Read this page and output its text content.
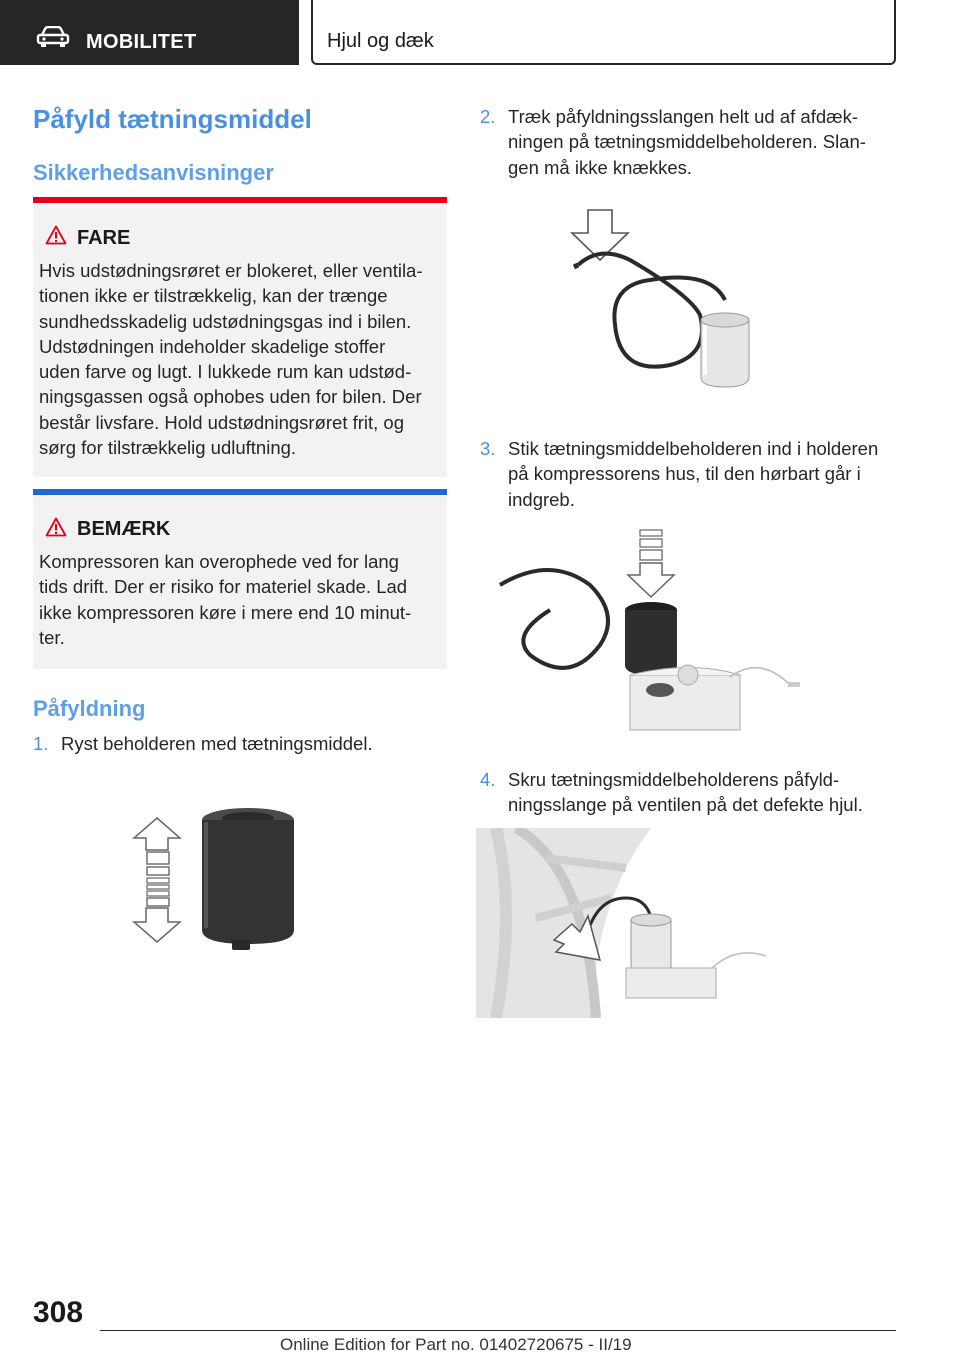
MOBILITET	Hjul og dæk
Påfyld tætningsmiddel
Sikkerhedsanvisninger
FARE
Hvis udstødningsrøret er blokeret, eller ventila-
tionen ikke er tilstrækkelig, kan der trænge
sundhedsskadelig udstødningsgas ind i bilen.
Udstødningen indeholder skadelige stoffer
uden farve og lugt. I lukkede rum kan udstød-
ningsgassen også ophobes uden for bilen. Der
består livsfare. Hold udstødningsrøret frit, og
sørg for tilstrækkelig udluftning.
BEMÆRK
Kompressoren kan overophede ved for lang
tids drift. Der er risiko for materiel skade. Lad
ikke kompressoren køre i mere end 10 minut-
ter.
Påfyldning
1. Ryst beholderen med tætningsmiddel.
2. Træk påfyldningsslangen helt ud af afdæk-
ningen på tætningsmiddelbeholderen. Slan-
gen må ikke knækkes.
3. Stik tætningsmiddelbeholderen ind i holderen
på kompressorens hus, til den hørbart går i
indgreb.
4. Skru tætningsmiddelbeholderens påfyld-
ningsslange på ventilen på det defekte hjul.
308
Online Edition for Part no. 01402720675 - II/19
